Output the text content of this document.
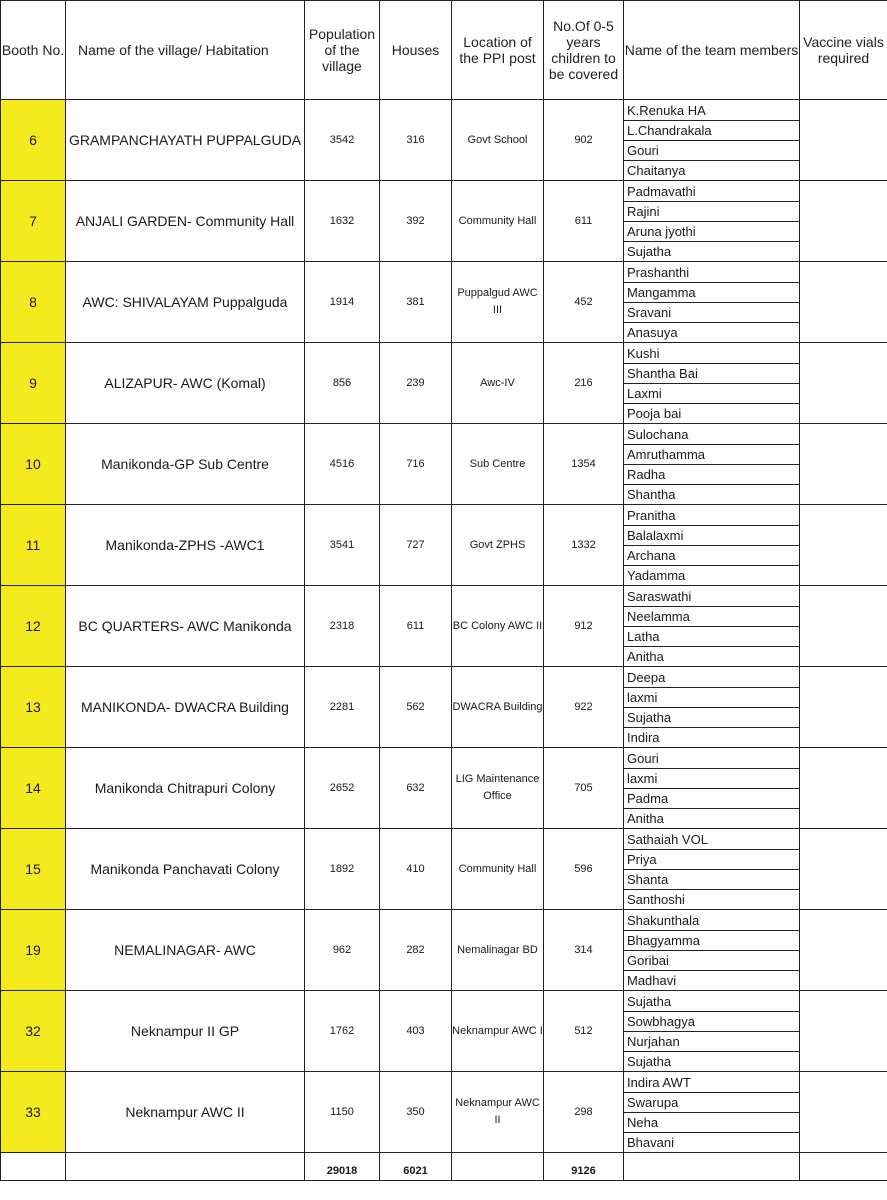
Booth No.	Name of the village/ Habitation	Population of the village	Houses	Location of the PPI post	No.Of 0-5 years children to be covered	Name of the team members	Vaccine vials required
6	GRAMPANCHAYATH PUPPALGUDA	3542	316	Govt School	902	K.Renuka HA	
						L.Chandrakala	
						Gouri	
						Chaitanya	
7	ANJALI GARDEN- Community Hall	1632	392	Community Hall	611	Padmavathi	
						Rajini	
						Aruna jyothi	
						Sujatha	
8	AWC: SHIVALAYAM Puppalguda	1914	381	Puppalgud AWC III	452	Prashanthi	
						Mangamma	
						Sravani	
						Anasuya	
9	ALIZAPUR- AWC (Komal)	856	239	Awc-IV	216	Kushi	
						Shantha Bai	
						Laxmi	
						Pooja bai	
10	Manikonda-GP Sub Centre	4516	716	Sub Centre	1354	Sulochana	
						Amruthamma	
						Radha	
						Shantha	
11	Manikonda-ZPHS -AWC1	3541	727	Govt ZPHS	1332	Pranitha	
						Balalaxmi	
						Archana	
						Yadamma	
12	BC QUARTERS- AWC Manikonda	2318	611	BC Colony AWC II	912	Saraswathi	
						Neelamma	
						Latha	
						Anitha	
13	MANIKONDA- DWACRA Building	2281	562	DWACRA Building	922	Deepa	
						laxmi	
						Sujatha	
						Indira	
14	Manikonda Chitrapuri Colony	2652	632	LIG Maintenance Office	705	Gouri	
						laxmi	
						Padma	
						Anitha	
15	Manikonda Panchavati Colony	1892	410	Community Hall	596	Sathaiah VOL	
						Priya	
						Shanta	
						Santhoshi	
19	NEMALINAGAR- AWC	962	282	Nemalinagar BD	314	Shakunthala	
						Bhagyamma	
						Goribai	
						Madhavi	
32	Neknampur II GP	1762	403	Neknampur AWC I	512	Sujatha	
						Sowbhagya	
						Nurjahan	
						Sujatha	
33	Neknampur AWC II	1150	350	Neknampur AWC II	298	Indira AWT	
						Swarupa	
						Neha	
						Bhavani	
		29018	6021		9126		
